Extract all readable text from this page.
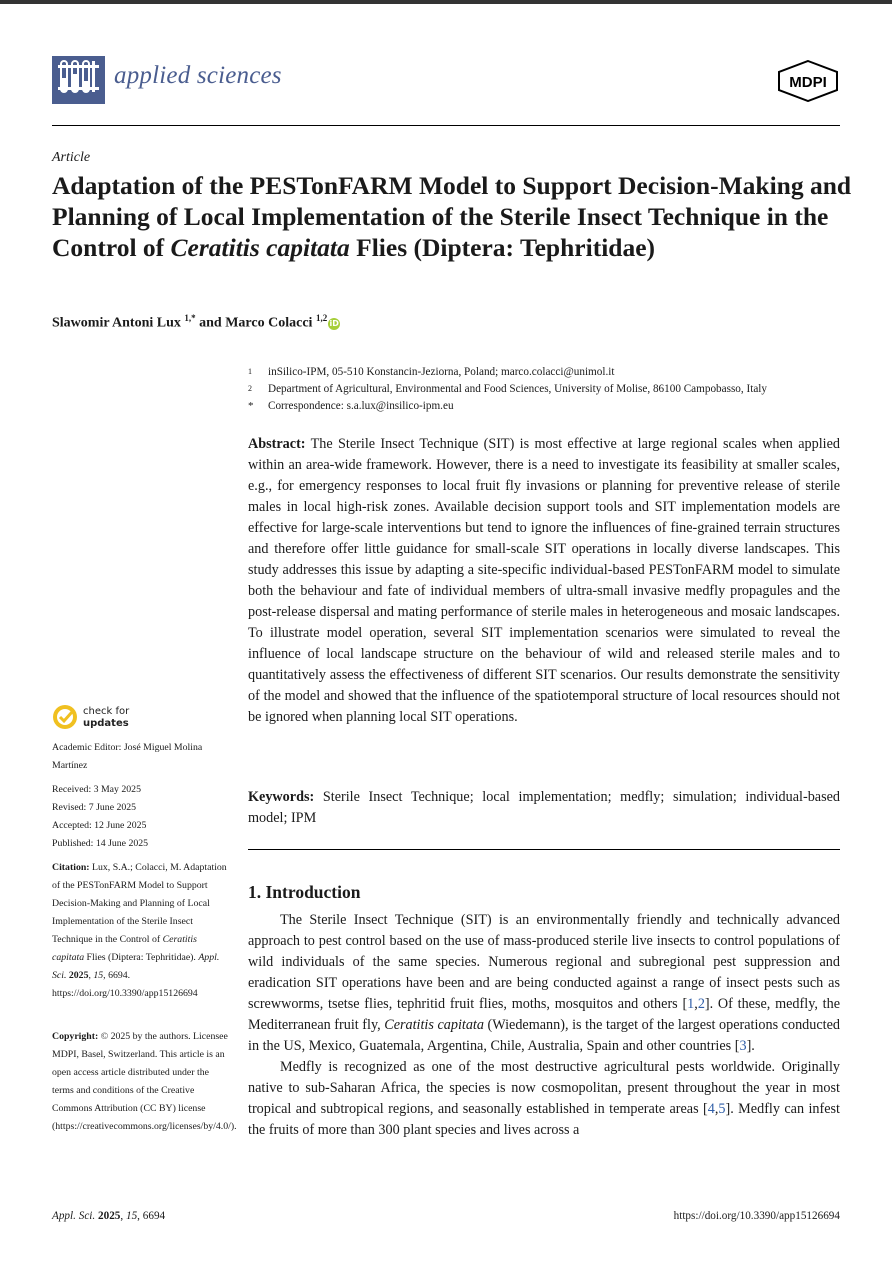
applied sciences	MDPI
Article
Adaptation of the PESTonFARM Model to Support Decision-Making and Planning of Local Implementation of the Sterile Insect Technique in the Control of Ceratitis capitata Flies (Diptera: Tephritidae)
Slawomir Antoni Lux $^{1,*}$ and Marco Colacci $^{1,2}$iD
1 inSilico-IPM, 05-510 Konstancin-Jeziorna, Poland; marco.colacci@unimol.it
2 Department of Agricultural, Environmental and Food Sciences, University of Molise, 86100 Campobasso, Italy
* Correspondence: s.a.lux@insilico-ipm.eu
Abstract: The Sterile Insect Technique (SIT) is most effective at large regional scales when applied within an area-wide framework. However, there is a need to investigate its feasibility at smaller scales, e.g., for emergency responses to local fruit fly invasions or planning for preventive release of sterile males in local high-risk zones. Available decision support tools and SIT implementation models are effective for large-scale interventions but tend to ignore the influences of fine-grained terrain structures and therefore offer little guidance for small-scale SIT operations in locally diverse landscapes. This study addresses this issue by adapting a site-specific individual-based PESTonFARM model to simulate both the behaviour and fate of individual members of ultra-small invasive medfly propagules and the post-release dispersal and mating performance of sterile males in heterogeneous and mosaic landscapes. To illustrate model operation, several SIT implementation scenarios were simulated to reveal the influence of local landscape structure on the behaviour of wild and released sterile males and to quantitatively assess the effectiveness of different SIT scenarios. Our results demonstrate the sensitivity of the model and showed that the influence of the spatiotemporal structure of local resources should not be ignored when planning local SIT operations.
Keywords: Sterile Insect Technique; local implementation; medfly; simulation; individual-based model; IPM
1. Introduction

The Sterile Insect Technique (SIT) is an environmentally friendly and technically advanced approach to pest control based on the use of mass-produced sterile live insects to control populations of wild individuals of the same species. Numerous regional and subregional pest suppression and eradication SIT operations have been and are being conducted against a range of insect pests such as screwworms, tsetse flies, tephritid fruit flies, moths, mosquitos and others [1,2]. Of these, medfly, the Mediterranean fruit fly, Ceratitis capitata (Wiedemann), is the target of the largest operations conducted in the US, Mexico, Guatemala, Argentina, Chile, Australia, Spain and other countries [3].

Medfly is recognized as one of the most destructive agricultural pests worldwide. Originally native to sub-Saharan Africa, the species is now cosmopolitan, present throughout the year in most tropical and subtropical regions, and seasonally established in temperate areas [4,5]. Medfly can infest the fruits of more than 300 plant species and lives across a

check for
updates
Academic Editor: José Miguel Molina Martínez
Received: 3 May 2025
Revised: 7 June 2025
Accepted: 12 June 2025
Published: 14 June 2025
Citation: Lux, S.A.; Colacci, M. Adaptation of the PESTonFARM Model to Support Decision-Making and Planning of Local Implementation of the Sterile Insect Technique in the Control of Ceratitis capitata Flies (Diptera: Tephritidae). Appl. Sci. 2025, 15, 6694. https://doi.org/10.3390/app15126694
Copyright: © 2025 by the authors. Licensee MDPI, Basel, Switzerland. This article is an open access article distributed under the terms and conditions of the Creative Commons Attribution (CC BY) license (https://creativecommons.org/licenses/by/4.0/).
Appl. Sci. 2025, 15, 6694	https://doi.org/10.3390/app15126694
